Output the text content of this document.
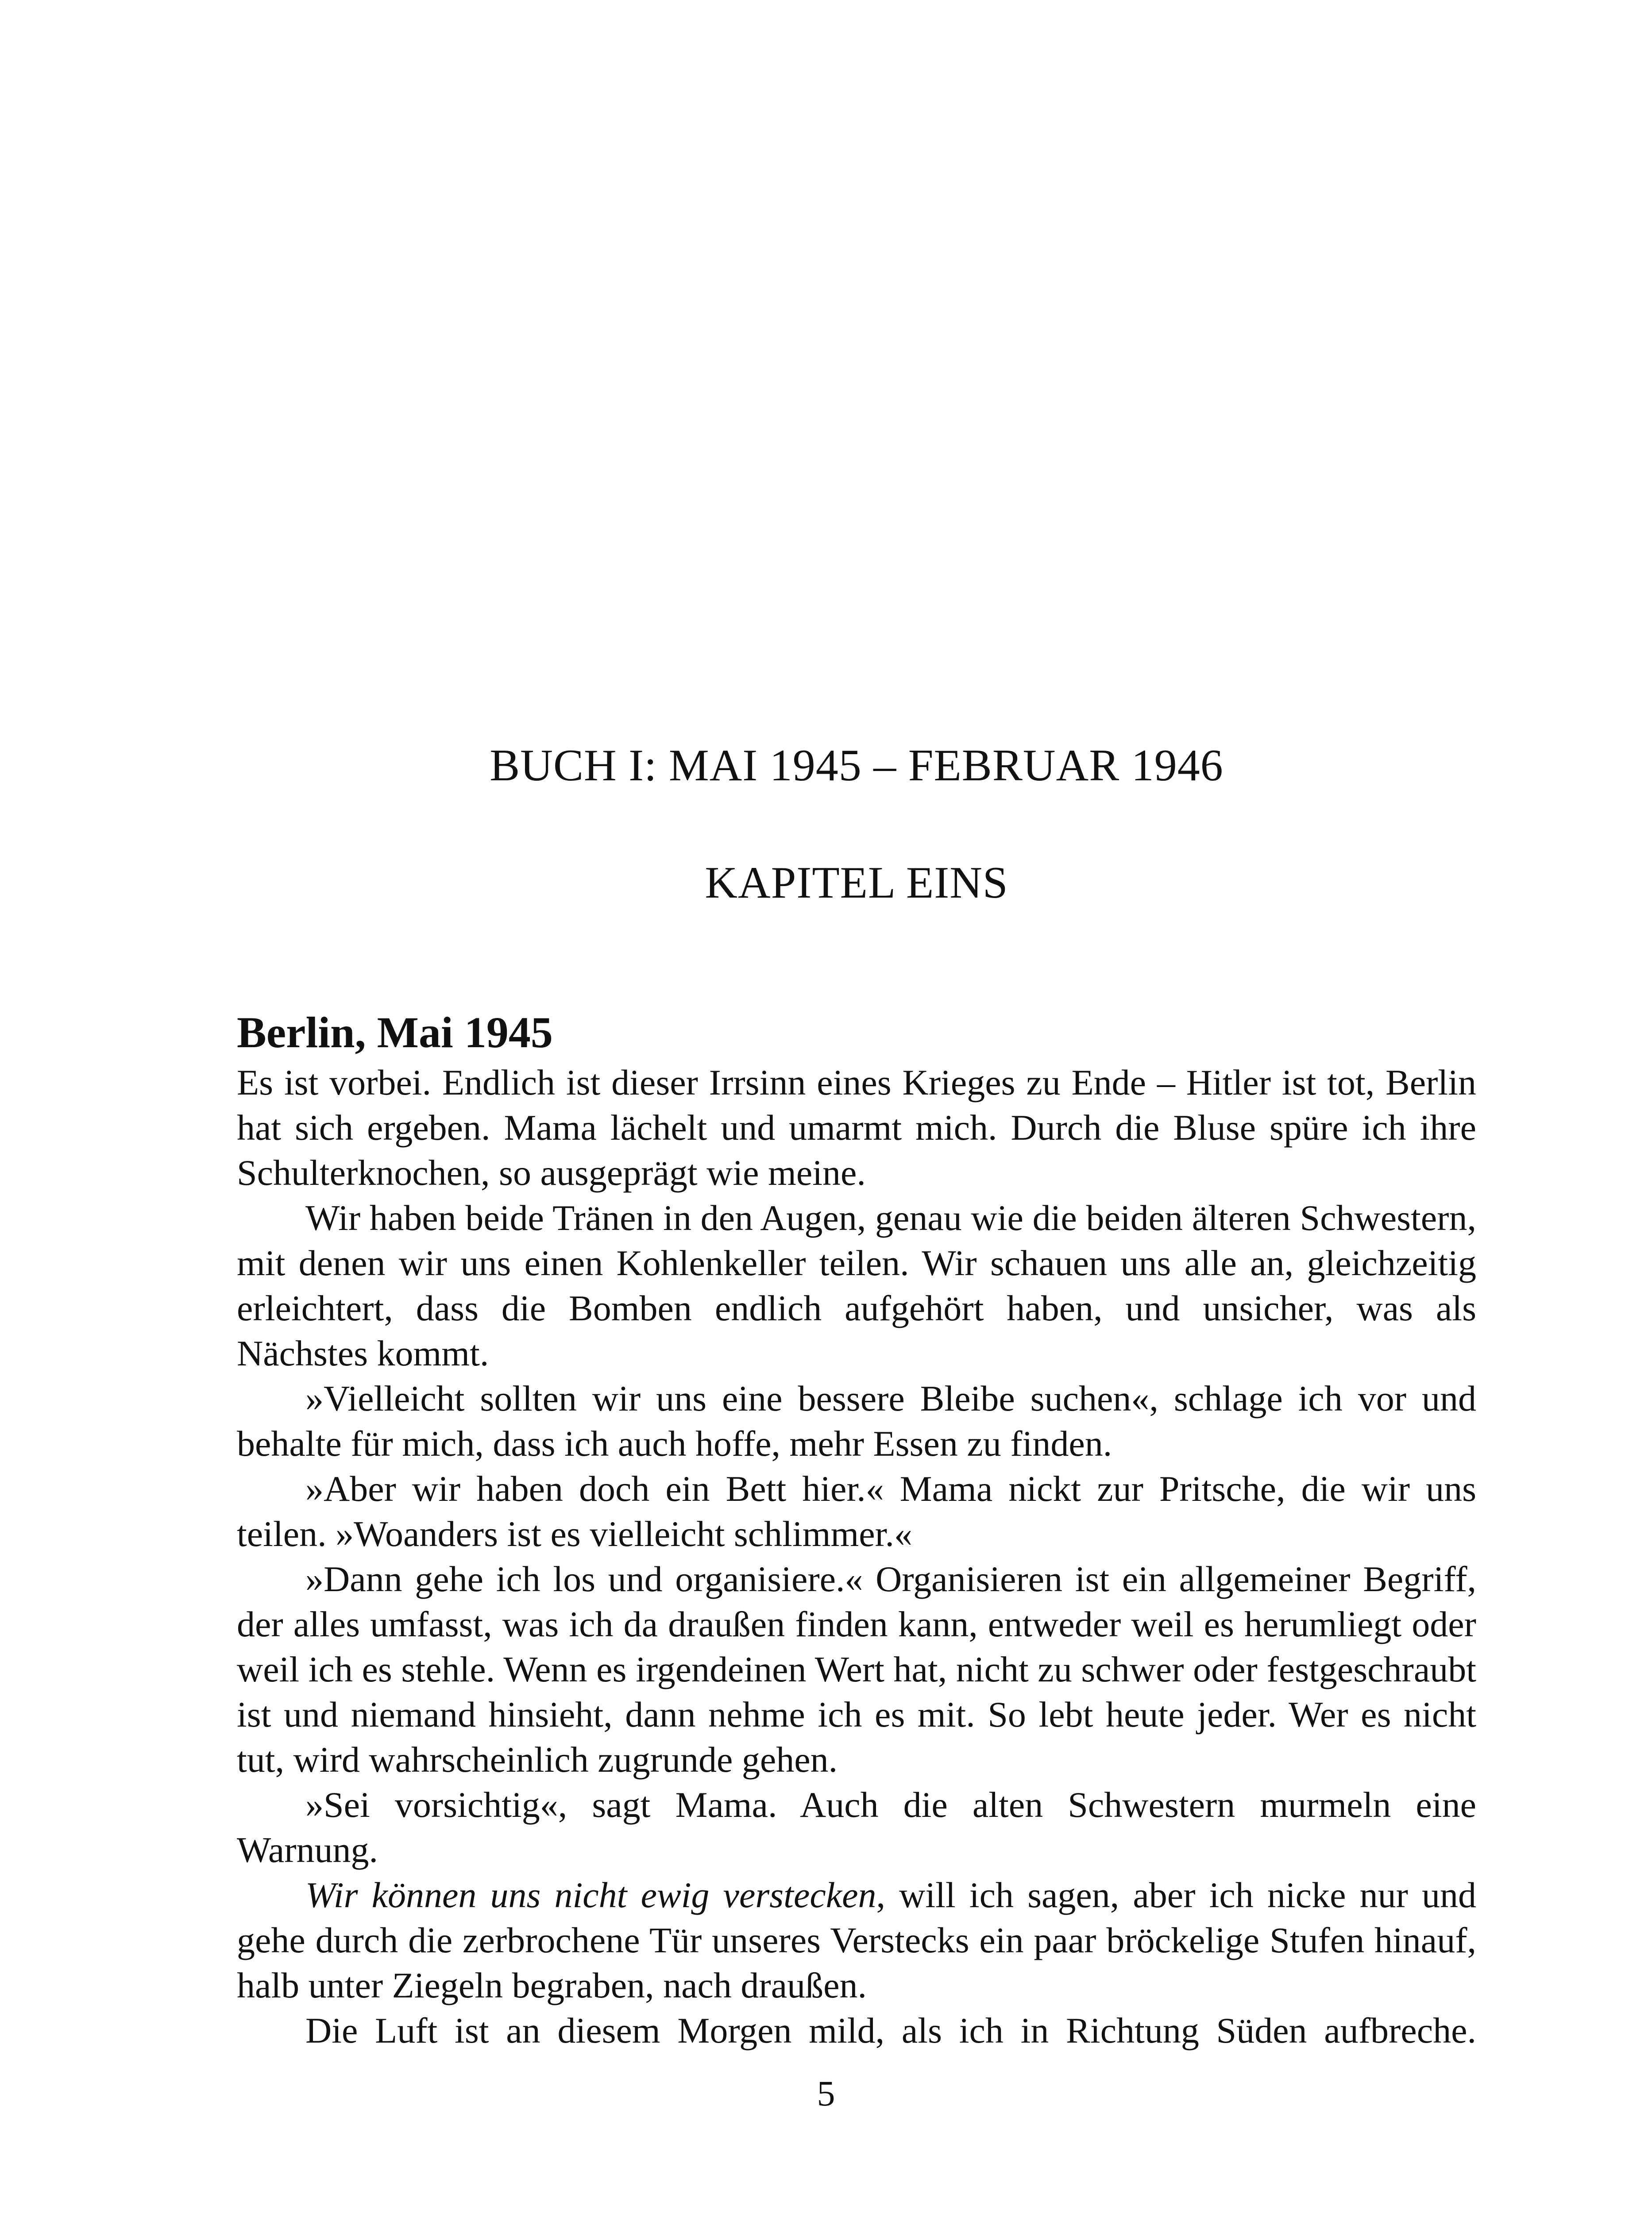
BUCH I: MAI 1945 – FEBRUAR 1946
KAPITEL EINS
Berlin, Mai 1945

Es ist vorbei. Endlich ist dieser Irrsinn eines Krieges zu Ende – Hitler ist tot, Berlin hat sich ergeben. Mama lächelt und umarmt mich. Durch die Bluse spüre ich ihre Schulterknochen, so ausgeprägt wie meine.

Wir haben beide Tränen in den Augen, genau wie die beiden älteren Schwestern, mit denen wir uns einen Kohlenkeller teilen. Wir schauen uns alle an, gleichzeitig erleichtert, dass die Bomben endlich aufgehört haben, und unsicher, was als Nächstes kommt.

»Vielleicht sollten wir uns eine bessere Bleibe suchen«, schlage ich vor und behalte für mich, dass ich auch hoffe, mehr Essen zu finden.

»Aber wir haben doch ein Bett hier.« Mama nickt zur Pritsche, die wir uns teilen. »Woanders ist es vielleicht schlimmer.«

»Dann gehe ich los und organisiere.« Organisieren ist ein allgemeiner Begriff, der alles umfasst, was ich da draußen finden kann, entweder weil es herumliegt oder weil ich es stehle. Wenn es irgendeinen Wert hat, nicht zu schwer oder festgeschraubt ist und niemand hinsieht, dann nehme ich es mit. So lebt heute jeder. Wer es nicht tut, wird wahrscheinlich zugrunde gehen.

»Sei vorsichtig«, sagt Mama. Auch die alten Schwestern murmeln eine Warnung.

Wir können uns nicht ewig verstecken, will ich sagen, aber ich nicke nur und gehe durch die zerbrochene Tür unseres Verstecks ein paar bröckelige Stufen hinauf, halb unter Ziegeln begraben, nach draußen.

Die Luft ist an diesem Morgen mild, als ich in Richtung Süden aufbreche.

5
